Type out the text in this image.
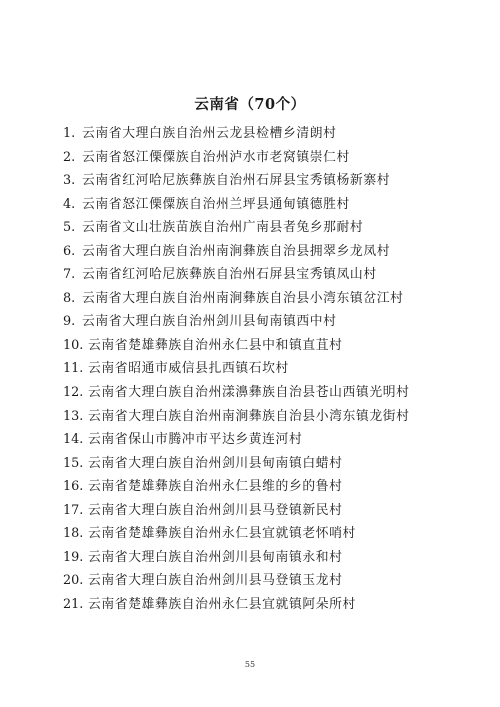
云南省（70个）
1. 云南省大理白族自治州云龙县检槽乡清朗村
2. 云南省怒江傈僳族自治州泸水市老窝镇崇仁村
3. 云南省红河哈尼族彝族自治州石屏县宝秀镇杨新寨村
4. 云南省怒江傈僳族自治州兰坪县通甸镇德胜村
5. 云南省文山壮族苗族自治州广南县者兔乡那耐村
6. 云南省大理白族自治州南涧彝族自治县拥翠乡龙凤村
7. 云南省红河哈尼族彝族自治州石屏县宝秀镇凤山村
8. 云南省大理白族自治州南涧彝族自治县小湾东镇岔江村
9. 云南省大理白族自治州剑川县甸南镇西中村
10. 云南省楚雄彝族自治州永仁县中和镇直苴村
11. 云南省昭通市威信县扎西镇石坎村
12. 云南省大理白族自治州漾濞彝族自治县苍山西镇光明村
13. 云南省大理白族自治州南涧彝族自治县小湾东镇龙街村
14. 云南省保山市腾冲市平达乡黄连河村
15. 云南省大理白族自治州剑川县甸南镇白蜡村
16. 云南省楚雄彝族自治州永仁县维的乡的鲁村
17. 云南省大理白族自治州剑川县马登镇新民村
18. 云南省楚雄彝族自治州永仁县宜就镇老怀哨村
19. 云南省大理白族自治州剑川县甸南镇永和村
20. 云南省大理白族自治州剑川县马登镇玉龙村
21. 云南省楚雄彝族自治州永仁县宜就镇阿朵所村
55
